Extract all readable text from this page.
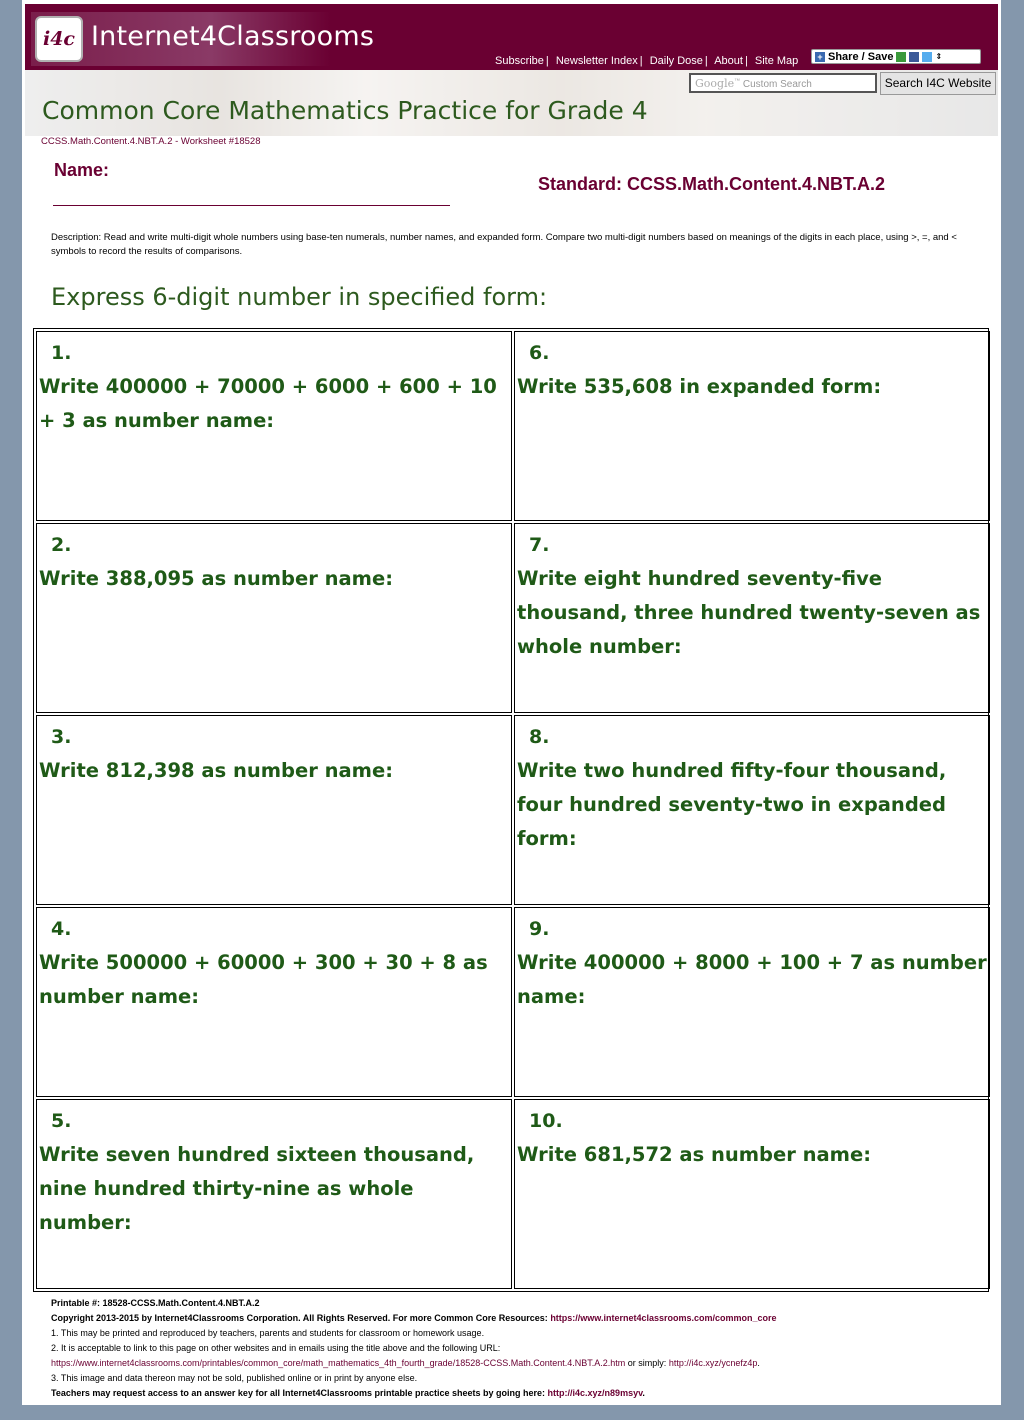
i4c Internet4Classrooms
Subscribe | Newsletter Index | Daily Dose | About | Site Map + Share / Save	⇕
Google™ Custom Search	Search I4C Website
Common Core Mathematics Practice for Grade 4
CCSS.Math.Content.4.NBT.A.2 - Worksheet #18528
Name:
Standard: CCSS.Math.Content.4.NBT.A.2
Description: Read and write multi-digit whole numbers using base-ten numerals, number names, and expanded form. Compare two multi-digit numbers based on meanings of the digits in each place, using >, =, and < symbols to record the results of comparisons.
Express 6-digit number in specified form:
1.
Write 400000 + 70000 + 6000 + 600 + 10 + 3 as number name:
6.
Write 535,608 in expanded form:
2.
Write 388,095 as number name:
7.
Write eight hundred seventy-five thousand, three hundred twenty-seven as whole number:
3.
Write 812,398 as number name:
8.
Write two hundred fifty-four thousand, four hundred seventy-two in expanded form:
4.
Write 500000 + 60000 + 300 + 30 + 8 as number name:
9.
Write 400000 + 8000 + 100 + 7 as number name:
5.
Write seven hundred sixteen thousand, nine hundred thirty-nine as whole number:
10.
Write 681,572 as number name:
Printable #: 18528-CCSS.Math.Content.4.NBT.A.2
Copyright 2013-2015 by Internet4Classrooms Corporation. All Rights Reserved. For more Common Core Resources: https://www.internet4classrooms.com/common_core
1. This may be printed and reproduced by teachers, parents and students for classroom or homework usage.
2. It is acceptable to link to this page on other websites and in emails using the title above and the following URL:
https://www.internet4classrooms.com/printables/common_core/math_mathematics_4th_fourth_grade/18528-CCSS.Math.Content.4.NBT.A.2.htm or simply: http://i4c.xyz/ycnefz4p.
3. This image and data thereon may not be sold, published online or in print by anyone else.
Teachers may request access to an answer key for all Internet4Classrooms printable practice sheets by going here: http://i4c.xyz/n89msyv.
